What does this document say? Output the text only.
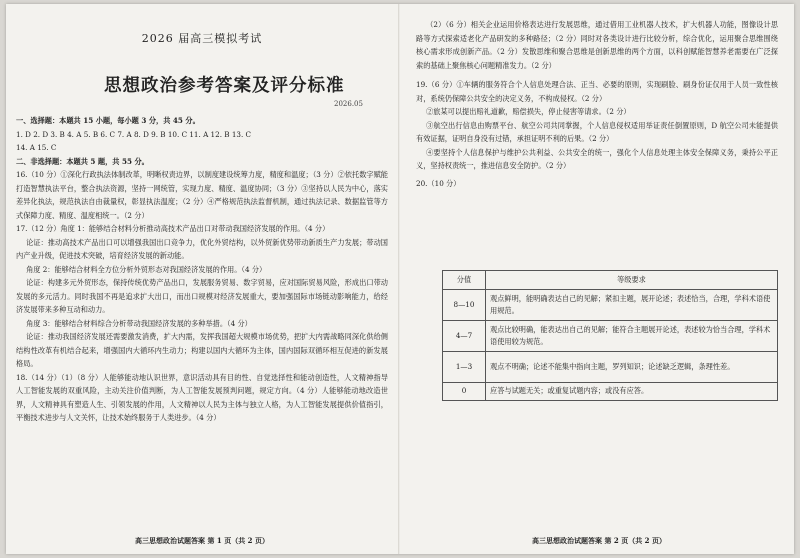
2026 届高三模拟考试
思想政治参考答案及评分标准
2026.05

一、选择题：本题共 15 小题，每小题 3 分，共 45 分。

1. D 2. D 3. B 4. A 5. B 6. C 7. A 8. D 9. B 10. C 11. A 12. B 13. C

14. A 15. C

二、非选择题：本题共 5 题，共 55 分。

16.（10 分）①深化行政执法体制改革，明晰权责边界，以制度建设统筹力度，精度和温度；（3 分）②依托数字赋能打造智慧执法平台，整合执法资源，坚持一网统管，实现力度、精度、温度协同；（3 分）③坚持以人民为中心，落实差异化执法，规范执法自由裁量权，彰显执法温度；（2 分）④严格规范执法监督机制，通过执法记录、数据监管等方式保障力度、精度、温度相统一。（2 分）

17.（12 分）角度 1：能够结合材料分析推动高技术产品出口对带动我国经济发展的作用。（4 分）

论证：推动高技术产品出口可以增强我国出口竞争力，优化外贸结构，以外贸新优势带动新质生产力发展；带动国内产业升级，促进技术突破，培育经济发展的新动能。

角度 2：能够结合材料全方位分析外贸形态对我国经济发展的作用。（4 分）

论证：构建多元外贸形态，保持传统优势产品出口，发展服务贸易、数字贸易，应对国际贸易风险，形成出口带动发展的多元活力。同时我国不再是追求扩大出口，而出口规模对经济发展重大，要加强国际市场链动影响能力，给经济发展带来多种互动和动力。

角度 3：能够结合材料综合分析带动我国经济发展的多种举措。（4 分）

论证：推动我国经济发展还需要激发消费，扩大内需，发挥我国超大规模市场优势，把扩大内需战略同深化供给侧结构性改革有机结合起来，增强国内大循环内生动力；构建以国内大循环为主体，国内国际双循环相互促进的新发展格局。

18.（14 分）（1）（8 分）人能够能动地认识世界，意识活动具有目的性、自觉选择性和能动创造性，人文精神指导人工智能发展的双重风险，主动关注价值判断，为人工智能发展预判问题，规定方向。（4 分）人能够能动地改造世界，人文精神具有塑造人生、引领发展的作用，人文精神以人民为主体与独立人格，为人工智能发展提供价值指引，平衡技术进步与人文关怀，让技术始终服务于人类进步。（4 分）

高三思想政治试题答案 第 1 页（共 2 页）

（2）（6 分）相关企业运用价格表达进行发展思维，通过借用工业机器人技术，扩大机器人功能，图像设计思路等方式探索适老化产品研发的多种路径；（2 分）同时对各类设计进行比较分析，综合优化，运用聚合思维围绕核心需求形成创新产品。（2 分）发散思维和聚合思维是创新思维的两个方面，以科创赋能智慧养老需要在广泛探索的基础上聚焦核心问题精准发力。（2 分）

19.（6 分）①车辆的服务符合个人信息处理合法、正当、必要的原则，实现刷脸、刷身份证仅用于人员一致性核对，系统仍保障公共安全的决定义务，不构成侵权。（2 分）

②旅某可以提出赔礼道歉，赔偿损失，停止侵害等请求。（2 分）

③航空出行信息由购票平台、航空公司共同掌握，个人信息侵权适用举证责任倒置原则，D 航空公司未能提供有效证据，证明自身没有过错，承担证明不利的后果。（2 分）

④要坚持个人信息保护与维护公共利益、公共安全的统一，强化个人信息处理主体安全保障义务，秉持公平正义，坚持权责统一，推进信息安全防护。（2 分）

20.（10 分）

分值	等级要求
8—10	观点鲜明，能明确表达自己的见解；紧扣主题，展开论述；表述恰当，合理，学科术语使用规范。
4—7	观点比较明确，能表达出自己的见解；能符合主题展开论述，表述较为恰当合理，学科术语使用较为规范。
1—3	观点不明确；论述不能集中指向主题，罗列知识；论述缺乏逻辑，条理性差。
0	应答与试题无关；或重复试题内容；或没有应答。
高三思想政治试题答案 第 2 页（共 2 页）
